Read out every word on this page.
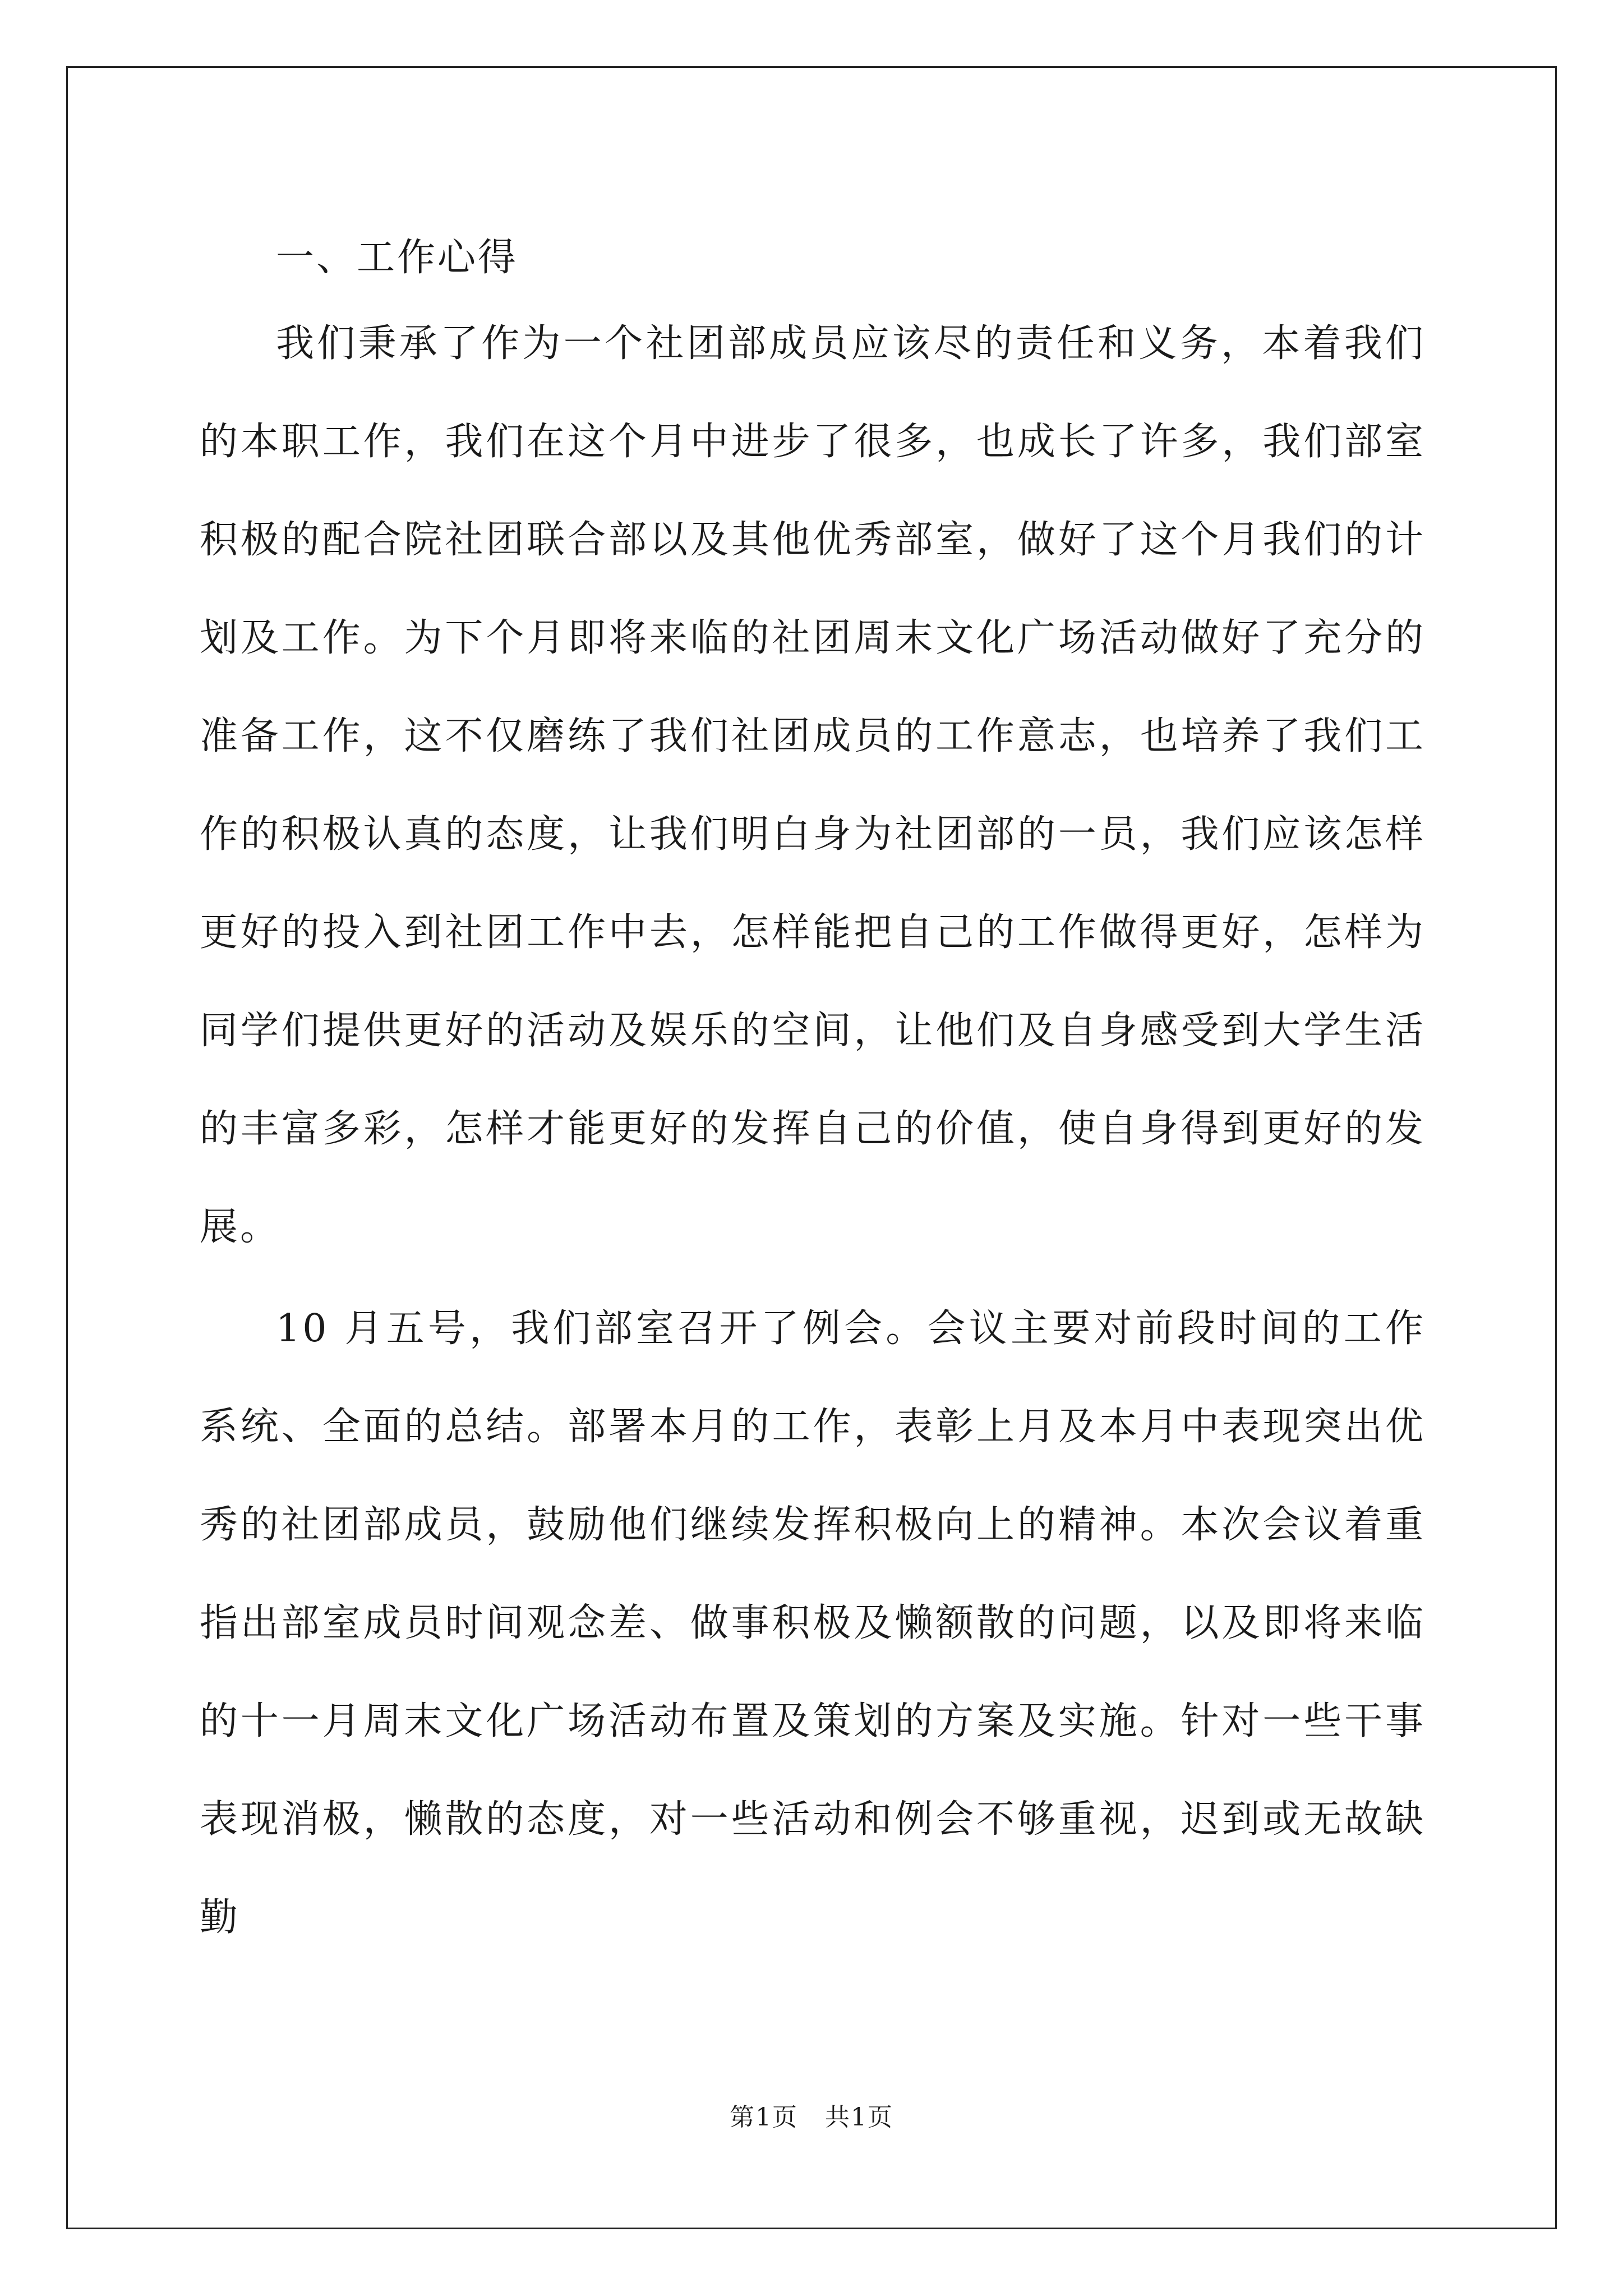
一、工作心得

我们秉承了作为一个社团部成员应该尽的责任和义务，本着我们的本职工作，我们在这个月中进步了很多，也成长了许多，我们部室积极的配合院社团联合部以及其他优秀部室，做好了这个月我们的计划及工作。为下个月即将来临的社团周末文化广场活动做好了充分的准备工作，这不仅磨练了我们社团成员的工作意志，也培养了我们工作的积极认真的态度，让我们明白身为社团部的一员，我们应该怎样更好的投入到社团工作中去，怎样能把自己的工作做得更好，怎样为同学们提供更好的活动及娱乐的空间，让他们及自身感受到大学生活的丰富多彩，怎样才能更好的发挥自己的价值，使自身得到更好的发展。

10 月五号，我们部室召开了例会。会议主要对前段时间的工作系统、全面的总结。部署本月的工作，表彰上月及本月中表现突出优秀的社团部成员，鼓励他们继续发挥积极向上的精神。本次会议着重指出部室成员时间观念差、做事积极及懒额散的问题，以及即将来临的十一月周末文化广场活动布置及策划的方案及实施。针对一些干事表现消极，懒散的态度，对一些活动和例会不够重视，迟到或无故缺勤

第1页 共1页
